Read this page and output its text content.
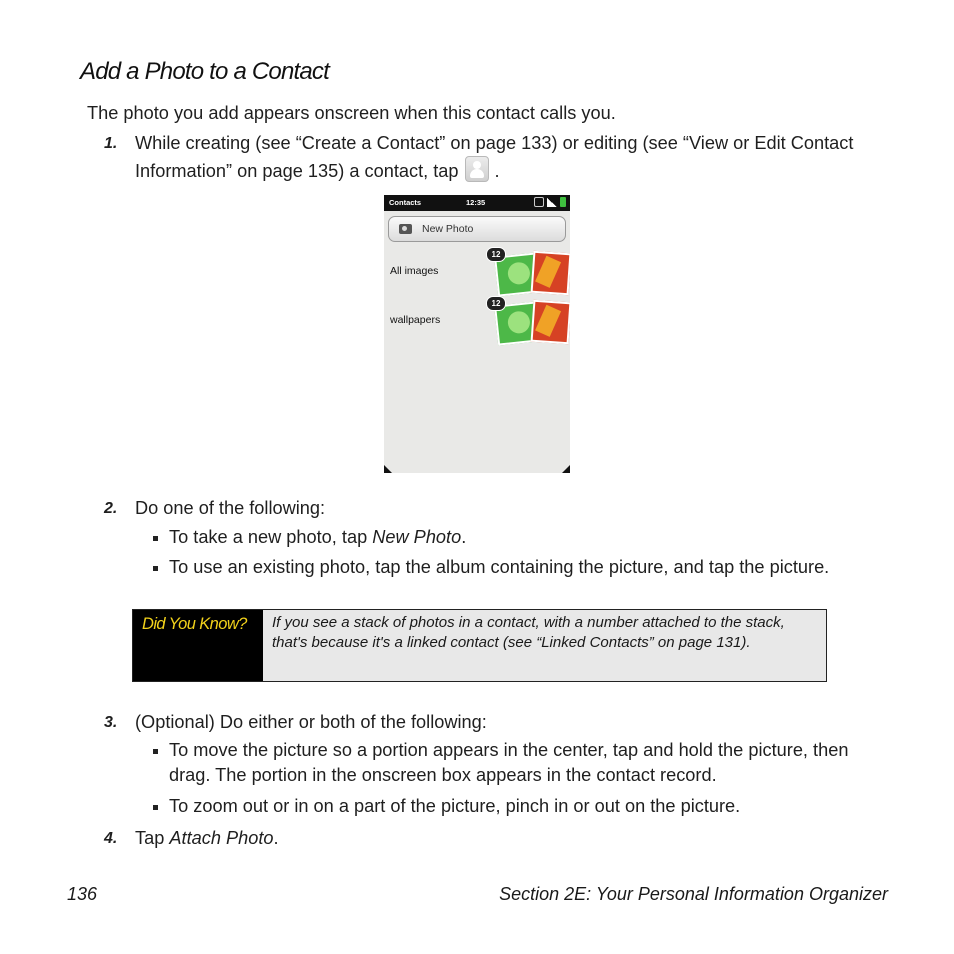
Add a Photo to a Contact
The photo you add appears onscreen when this contact calls you.
1. While creating (see “Create a Contact” on page 133) or editing (see “View or Edit Contact Information” on page 135) a contact, tap .
Contacts	12:35
New Photo
All images
12
wallpapers
12
2. Do one of the following:
To take a new photo, tap New Photo.
To use an existing photo, tap the album containing the picture, and tap the picture.
Did You Know? If you see a stack of photos in a contact, with a number attached to the stack, that's because it's a linked contact (see “Linked Contacts” on page 131).
3. (Optional) Do either or both of the following:
To move the picture so a portion appears in the center, tap and hold the picture, then drag. The portion in the onscreen box appears in the contact record.
To zoom out or in on a part of the picture, pinch in or out on the picture.
4. Tap Attach Photo.
136	Section 2E: Your Personal Information Organizer
